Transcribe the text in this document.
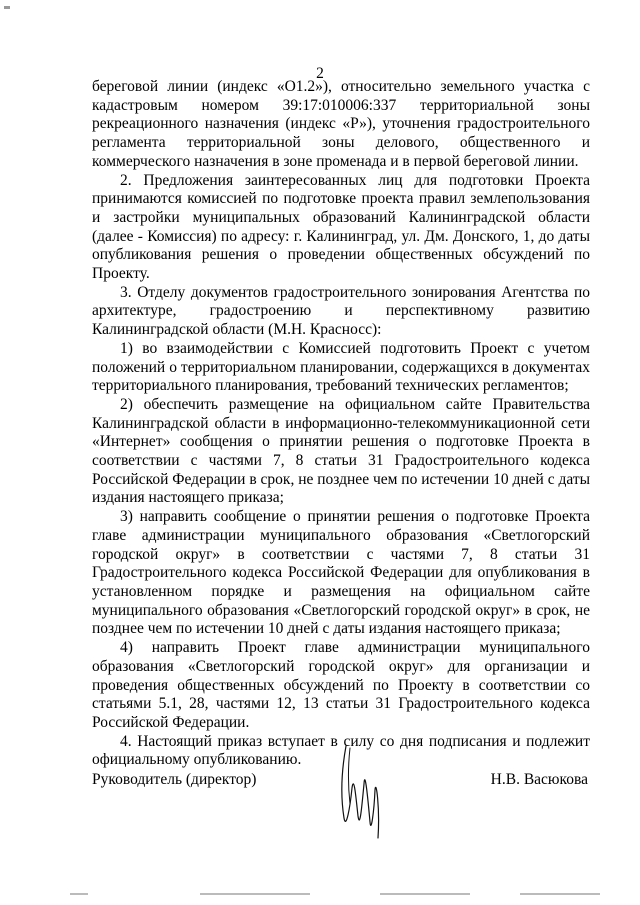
2

береговой линии (индекс «О1.2»), относительно земельного участка с кадастровым номером 39:17:010006:337 территориальной зоны рекреационного назначения (индекс «Р»), уточнения градостроительного регламента территориальной зоны делового, общественного и коммерческого назначения в зоне променада и в первой береговой линии.

2. Предложения заинтересованных лиц для подготовки Проекта принимаются комиссией по подготовке проекта правил землепользования и застройки муниципальных образований Калининградской области (далее - Комиссия) по адресу: г. Калининград, ул. Дм. Донского, 1, до даты опубликования решения о проведении общественных обсуждений по Проекту.

3. Отделу документов градостроительного зонирования Агентства по архитектуре, градостроению и перспективному развитию Калининградской области (М.Н. Красносс):

1) во взаимодействии с Комиссией подготовить Проект с учетом положений о территориальном планировании, содержащихся в документах территориального планирования, требований технических регламентов;

2) обеспечить размещение на официальном сайте Правительства Калининградской области в информационно-телекоммуникационной сети «Интернет» сообщения о принятии решения о подготовке Проекта в соответствии с частями 7, 8 статьи 31 Градостроительного кодекса Российской Федерации в срок, не позднее чем по истечении 10 дней с даты издания настоящего приказа;

3) направить сообщение о принятии решения о подготовке Проекта главе администрации муниципального образования «Светлогорский городской округ» в соответствии с частями 7, 8 статьи 31 Градостроительного кодекса Российской Федерации для опубликования в установленном порядке и размещения на официальном сайте муниципального образования «Светлогорский городской округ» в срок, не позднее чем по истечении 10 дней с даты издания настоящего приказа;

4) направить Проект главе администрации муниципального образования «Светлогорский городской округ» для организации и проведения общественных обсуждений по Проекту в соответствии со статьями 5.1, 28, частями 12, 13 статьи 31 Градостроительного кодекса Российской Федерации.

4. Настоящий приказ вступает в силу со дня подписания и подлежит официальному опубликованию.

Руководитель (директор)	Н.В. Васюкова
